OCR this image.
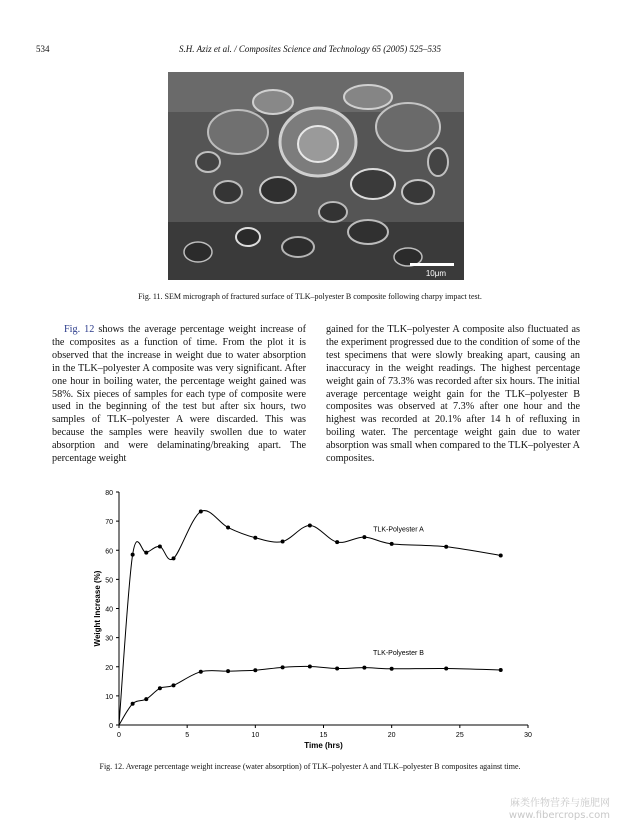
534	S.H. Aziz et al. / Composites Science and Technology 65 (2005) 525–535
10μm
Fig. 11. SEM micrograph of fractured surface of TLK–polyester B composite following charpy impact test.

Fig. 12 shows the average percentage weight increase of the composites as a function of time. From the plot it is observed that the increase in weight due to water absorption in the TLK–polyester A composite was very significant. After one hour in boiling water, the percentage weight gained was 58%. Six pieces of samples for each type of composite were used in the beginning of the test but after six hours, two samples of TLK–polyester A were discarded. This was because the samples were heavily swollen due to water absorption and were delaminating/breaking apart. The percentage weight

gained for the TLK–polyester A composite also fluctuated as the experiment progressed due to the condition of some of the test specimens that were slowly breaking apart, causing an inaccuracy in the weight readings. The highest percentage weight gain of 73.3% was recorded after six hours. The initial average percentage weight gain for the TLK–polyester B composites was observed at 7.3% after one hour and the highest was recorded at 20.1% after 14 h of refluxing in boiling water. The percentage weight gain due to water absorption was small when compared to the TLK–polyester A composites.

0
10
20
30
40
50
60
70
80
0	5	10	15	20	25	30
Time (hrs)
Weight Increase (%)
TLK-Polyester A
TLK-Polyester B
Fig. 12. Average percentage weight increase (water absorption) of TLK–polyester A and TLK–polyester B composites against time.
麻类作物营养与施肥网
www.fibercrops.com
